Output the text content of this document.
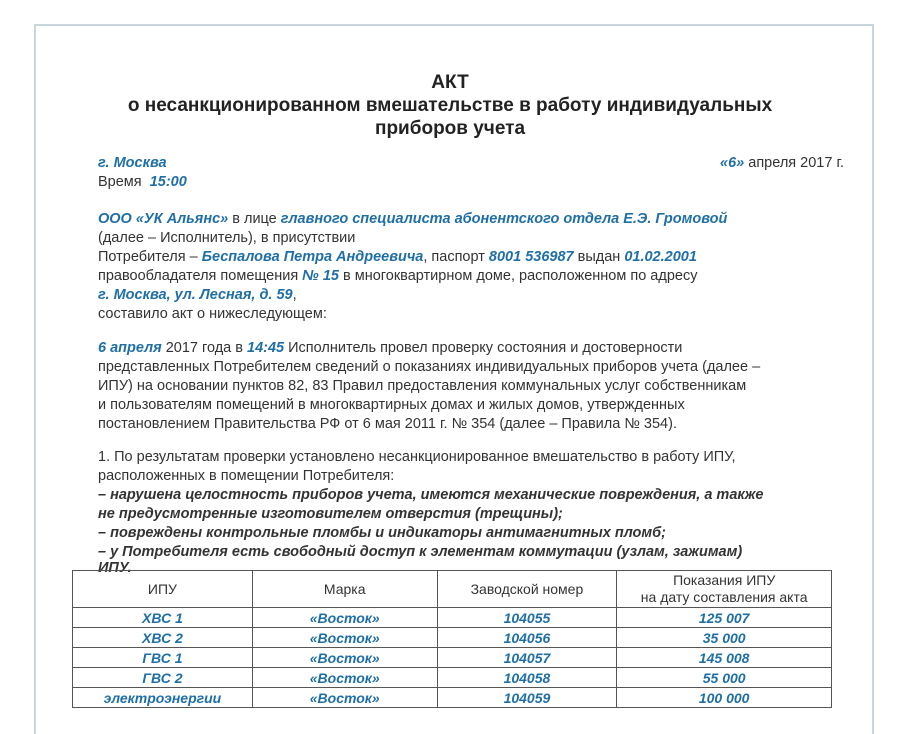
АКТ
о несанкционированном вмешательстве в работу индивидуальных
приборов учета
г. Москва	«6» апреля 2017 г.
Время 15:00
ООО «УК Альянс» в лице главного специалиста абонентского отдела Е.Э. Громовой
(далее – Исполнитель), в присутствии
Потребителя – Беспалова Петра Андреевича, паспорт 8001 536987 выдан 01.02.2001
правообладателя помещения № 15 в многоквартирном доме, расположенном по адресу
г. Москва, ул. Лесная, д. 59,
составило акт о нижеследующем:
6 апреля 2017 года в 14:45 Исполнитель провел проверку состояния и достоверности
представленных Потребителем сведений о показаниях индивидуальных приборов учета (далее –
ИПУ) на основании пунктов 82, 83 Правил предоставления коммунальных услуг собственникам
и пользователям помещений в многоквартирных домах и жилых домов, утвержденных
постановлением Правительства РФ от 6 мая 2011 г. № 354 (далее – Правила № 354).
1. По результатам проверки установлено несанкционированное вмешательство в работу ИПУ,
расположенных в помещении Потребителя:
– нарушена целостность приборов учета, имеются механические повреждения, а также
не предусмотренные изготовителем отверстия (трещины);
– повреждены контрольные пломбы и индикаторы антимагнитных пломб;
– у Потребителя есть свободный доступ к элементам коммутации (узлам, зажимам)
ИПУ.
ИПУ	Марка	Заводской номер	Показания ИПУ
на дату составления акта
ХВС 1	«Восток»	104055	125 007
ХВС 2	«Восток»	104056	35 000
ГВС 1	«Восток»	104057	145 008
ГВС 2	«Восток»	104058	55 000
электроэнергии	«Восток»	104059	100 000
